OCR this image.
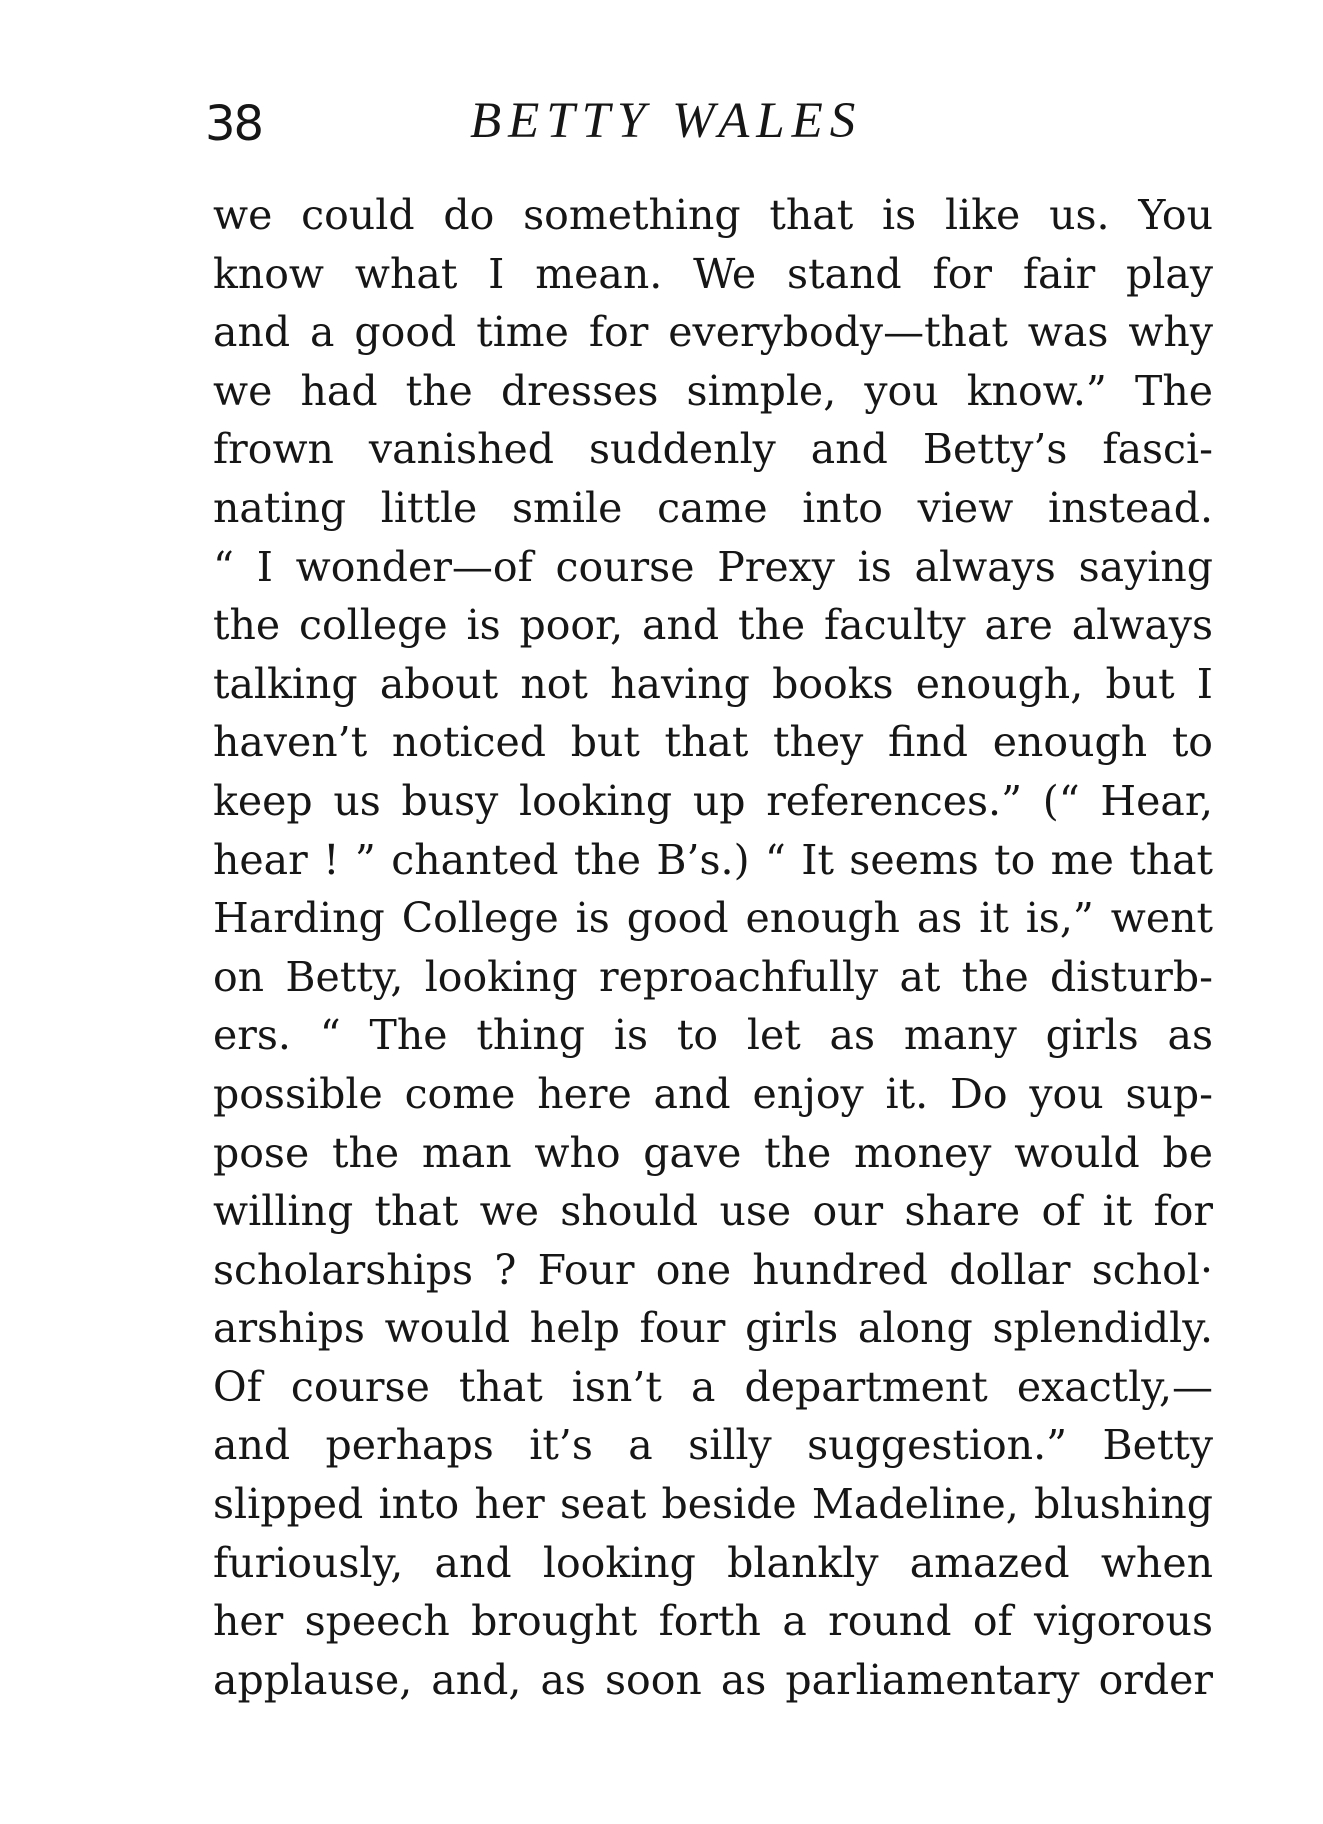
38	BETTY WALES
we could do something that is like us. You
know what I mean. We stand for fair play
and a good time for everybody—that was why
we had the dresses simple, you know.” The
frown vanished suddenly and Betty’s fasci-
nating little smile came into view instead.
“ I wonder—of course Prexy is always saying
the college is poor, and the faculty are always
talking about not having books enough, but I
haven’t noticed but that they find enough to
keep us busy looking up references.” (“ Hear,
hear ! ” chanted the B’s.) “ It seems to me that
Harding College is good enough as it is,” went
on Betty, looking reproachfully at the disturb-
ers. “ The thing is to let as many girls as
possible come here and enjoy it. Do you sup-
pose the man who gave the money would be
willing that we should use our share of it for
scholarships ? Four one hundred dollar schol·
arships would help four girls along splendidly.
Of course that isn’t a department exactly,—
and perhaps it’s a silly suggestion.” Betty
slipped into her seat beside Madeline, blushing
furiously, and looking blankly amazed when
her speech brought forth a round of vigorous
applause, and, as soon as parliamentary order
